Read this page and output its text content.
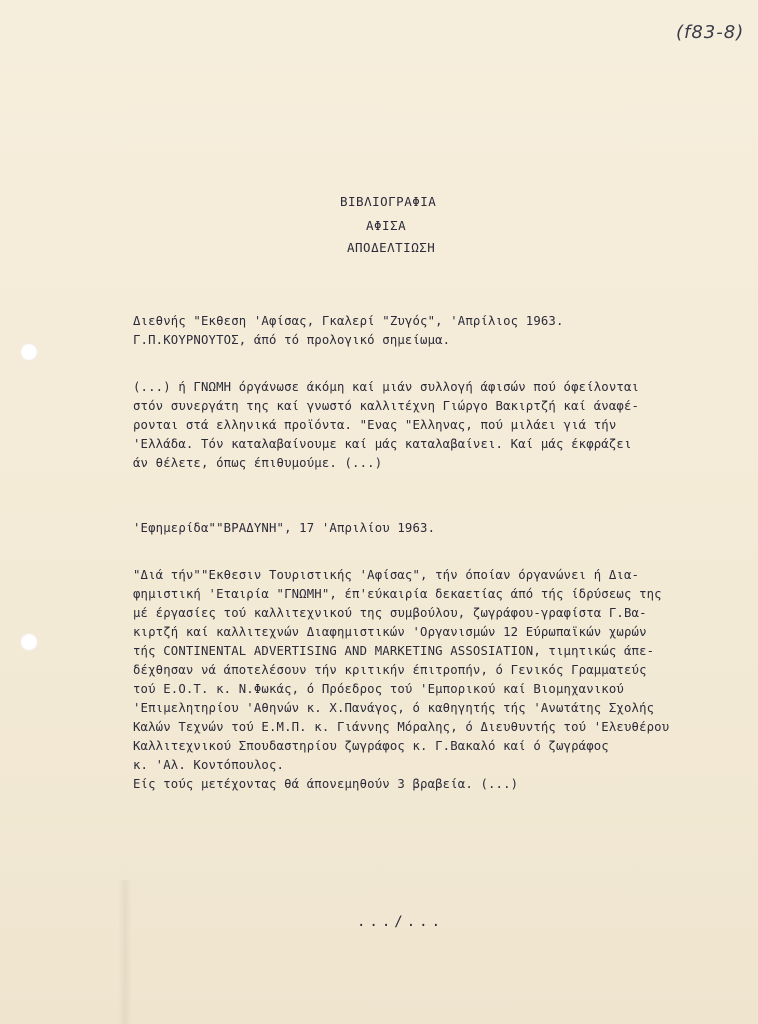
(f83-8)
ΒΙΒΛΙΟΓΡΑΦΙΑ
ΑΦΙΣΑ
ΑΠΟΔΕΛΤΙΩΣΗ
Διεθνής "Εκθεση 'Αφίσας, Γκαλερί "Ζυγός", 'Απρίλιος 1963.
Γ.Π.ΚΟΥΡΝΟΥΤΟΣ, άπό τό προλογικό σημείωμα.
(...) ή ΓΝΩΜΗ όργάνωσε άκόμη καί μιάν συλλογή άφισών πού όφείλονται
στόν συνεργάτη της καί γνωστό καλλιτέχνη Γιώργο Βακιρτζή καί άναφέ-
ρονται στά ελληνικά προϊόντα. "Ενας "Ελληνας, πού μιλάει γιά τήν
'Ελλάδα. Τόν καταλαβαίνουμε καί μάς καταλαβαίνει. Καί μάς έκφράζει
άν θέλετε, όπως έπιθυμούμε. (...)
'Εφημερίδα""ΒΡΑΔΥΝΗ", 17 'Απριλίου 1963.
"Διά τήν""Εκθεσιν Τουριστικής 'Αφίσας", τήν όποίαν όργανώνει ή Δια-
φημιστική 'Εταιρία "ΓΝΩΜΗ", έπ'εύκαιρία δεκαετίας άπό τής ίδρύσεως της
μέ έργασίες τού καλλιτεχνικού της συμβούλου, ζωγράφου-γραφίστα Γ.Βα-
κιρτζή καί καλλιτεχνών Διαφημιστικών 'Οργανισμών 12 Εύρωπαϊκών χωρών
τής CONTINENTAL ADVERTISING AND MARKETING ASSOSIATION, τιμητικώς άπε-
δέχθησαν νά άποτελέσουν τήν κριτικήν έπιτροπήν, ό Γενικός Γραμματεύς
τού Ε.Ο.Τ. κ. Ν.Φωκάς, ό Πρόεδρος τού 'Εμπορικού καί Βιομηχανικού
'Επιμελητηρίου 'Αθηνών κ. Χ.Πανάγος, ό καθηγητής τής 'Ανωτάτης Σχολής
Καλών Τεχνών τού Ε.Μ.Π. κ. Γιάννης Μόραλης, ό Διευθυντής τού 'Ελευθέρου
Καλλιτεχνικού Σπουδαστηρίου ζωγράφος κ. Γ.Βακαλό καί ό ζωγράφος
κ. 'Αλ. Κοντόπουλος.
Είς τούς μετέχοντας θά άπονεμηθούν 3 βραβεία. (...)
.../...
